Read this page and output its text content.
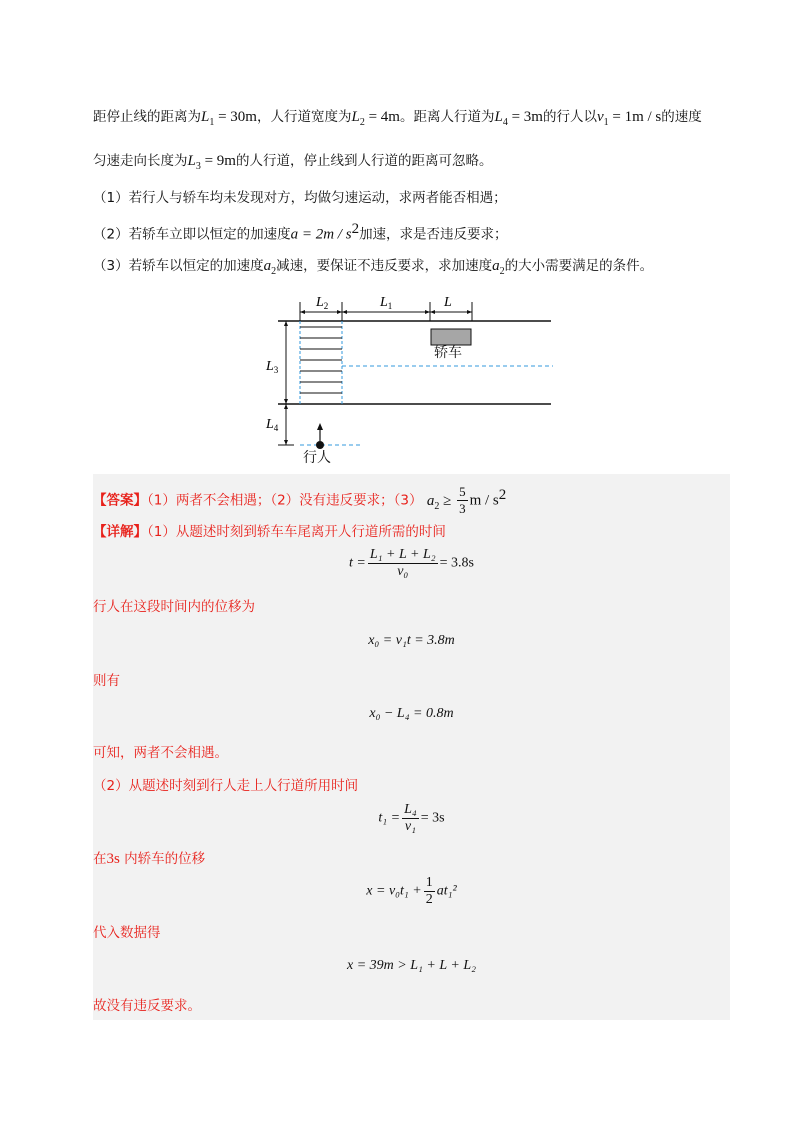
距停止线的距离为$L_1 = 30m$，人行道宽度为$L_2 = 4m$。距离人行道为$L_4 = 3m$的行人以$v_1 = 1m / s$的速度
匀速走向长度为$L_3 = 9m$的人行道，停止线到人行道的距离可忽略。
（1）若行人与轿车均未发现对方，均做匀速运动，求两者能否相遇；
（2）若轿车立即以恒定的加速度$a = 2m / s^2$加速，求是否违反要求；
（3）若轿车以恒定的加速度$a_2$减速，要保证不违反要求，求加速度$a_2$的大小需要满足的条件。
$L_2$	$L_1$	L
$L_3$
$L_4$
轿车
行人
【答案】（1）两者不会相遇；（2）没有违反要求；（3） $a_2 \ge \frac{5}{3}$ m / $s^2$
【详解】（1）从题述时刻到轿车车尾离开人行道所需的时间
$t = \frac{\text{L₁ + L + L₂}}{\text{v₀}} = 3.8s$
行人在这段时间内的位移为
x₀ = v₁t = 3.8m
则有
x₀ − L₄ = 0.8m
可知，两者不会相遇。
（2）从题述时刻到行人走上人行道所用时间
$t_1 = \frac{\text{L₄}}{\text{v₁}} = 3s$
在3s 内轿车的位移
$x = v_0t_1 + \frac{1}{2} at_1^2$
代入数据得
x = 39m > L₁ + L + L₂
故没有违反要求。
